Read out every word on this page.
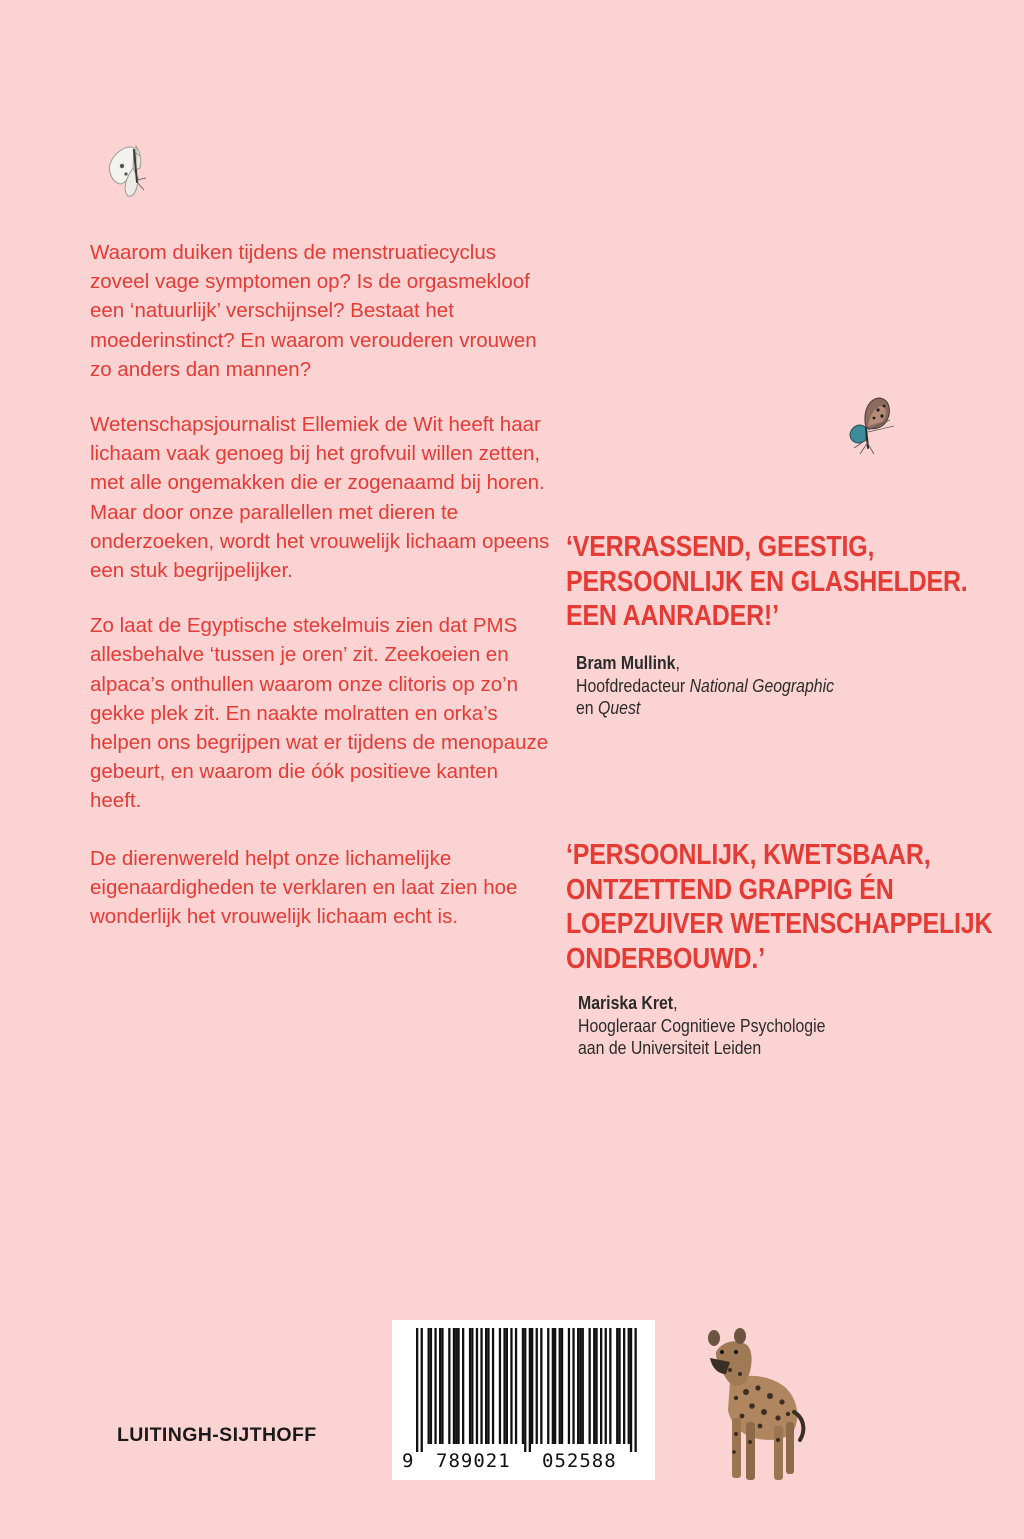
Waarom duiken tijdens de menstruatiecyclus zoveel vage symptomen op? Is de orgasmekloof een ‘natuurlijk’ verschijnsel? Bestaat het moederinstinct? En waarom verouderen vrouwen zo anders dan mannen?

Wetenschapsjournalist Ellemiek de Wit heeft haar lichaam vaak genoeg bij het grofvuil willen zetten, met alle ongemakken die er zogenaamd bij horen. Maar door onze parallellen met dieren te onderzoeken, wordt het vrouwelijk lichaam opeens een stuk begrijpelijker.

Zo laat de Egyptische stekelmuis zien dat PMS allesbehalve ‘tussen je oren’ zit. Zeekoeien en alpaca’s onthullen waarom onze clitoris op zo’n gekke plek zit. En naakte molratten en orka’s helpen ons begrijpen wat er tijdens de menopauze gebeurt, en waarom die óók positieve kanten heeft.

De dierenwereld helpt onze lichamelijke eigenaardigheden te verklaren en laat zien hoe wonderlijk het vrouwelijk lichaam echt is.

‘VERRASSEND, GEESTIG,
PERSOONLIJK EN GLASHELDER.
EEN AANRADER!’
Bram Mullink,
Hoofdredacteur National Geographic
en Quest
‘PERSOONLIJK, KWETSBAAR,
ONTZETTEND GRAPPIG ÉN
LOEPZUIVER WETENSCHAPPELIJK
ONDERBOUWD.’
Mariska Kret,
Hoogleraar Cognitieve Psychologie
aan de Universiteit Leiden
LUITINGH-SIJTHOFF
9 789021 052588
